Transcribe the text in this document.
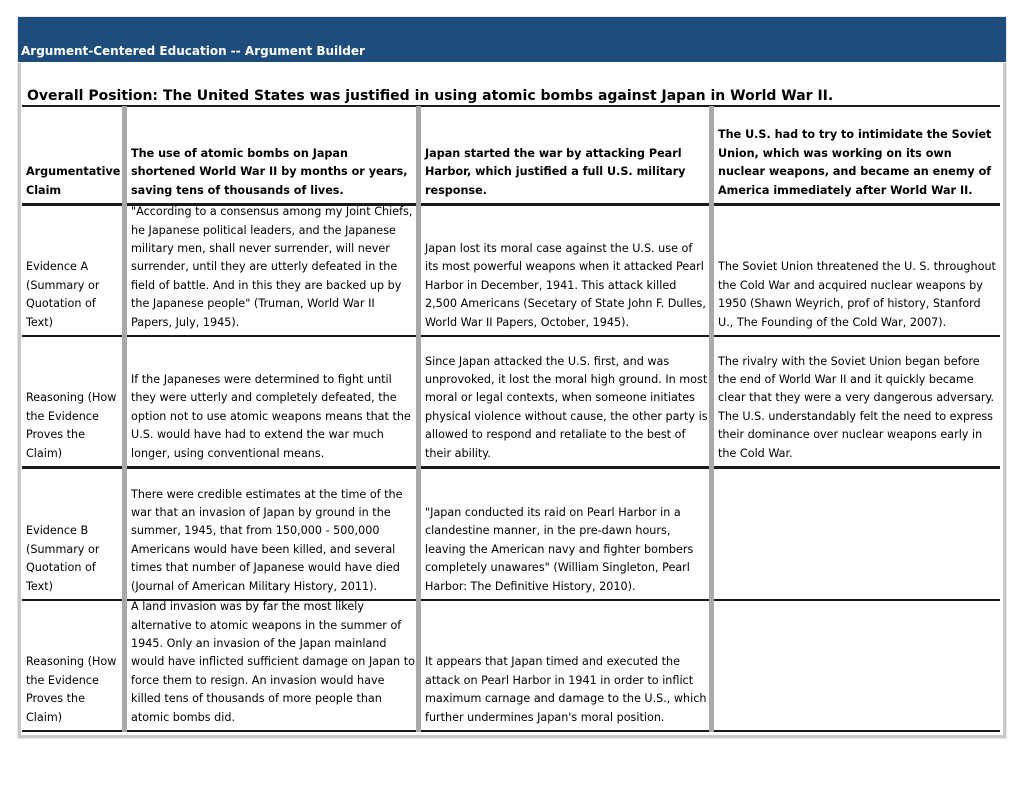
Argument-Centered Education -- Argument Builder
Overall Position: The United States was justified in using atomic bombs against Japan in World War II.
Argumentative Claim
The use of atomic bombs on Japan shortened World War II by months or years, saving tens of thousands of lives.
Japan started the war by attacking Pearl Harbor, which justified a full U.S. military response.
The U.S. had to try to intimidate the Soviet Union, which was working on its own nuclear weapons, and became an enemy of America immediately after World War II.
Evidence A (Summary or Quotation of Text)
"According to a consensus among my Joint Chiefs, he Japanese political leaders, and the Japanese military men, shall never surrender, will never surrender, until they are utterly defeated in the field of battle. And in this they are backed up by the Japanese people" (Truman, World War II Papers, July, 1945).
Japan lost its moral case against the U.S. use of its most powerful weapons when it attacked Pearl Harbor in December, 1941. This attack killed 2,500 Americans (Secetary of State John F. Dulles, World War II Papers, October, 1945).
The Soviet Union threatened the U. S. throughout the Cold War and acquired nuclear weapons by 1950 (Shawn Weyrich, prof of history, Stanford U., The Founding of the Cold War, 2007).
Reasoning (How the Evidence Proves the Claim)
If the Japaneses were determined to fight until they were utterly and completely defeated, the option not to use atomic weapons means that the U.S. would have had to extend the war much longer, using conventional means.
Since Japan attacked the U.S. first, and was unprovoked, it lost the moral high ground. In most moral or legal contexts, when someone initiates physical violence without cause, the other party is allowed to respond and retaliate to the best of their ability.
The rivalry with the Soviet Union began before the end of World War II and it quickly became clear that they were a very dangerous adversary. The U.S. understandably felt the need to express their dominance over nuclear weapons early in the Cold War.
Evidence B (Summary or Quotation of Text)
There were credible estimates at the time of the war that an invasion of Japan by ground in the summer, 1945, that from 150,000 - 500,000 Americans would have been killed, and several times that number of Japanese would have died (Journal of American Military History, 2011).
"Japan conducted its raid on Pearl Harbor in a clandestine manner, in the pre-dawn hours, leaving the American navy and fighter bombers completely unawares" (William Singleton, Pearl Harbor: The Definitive History, 2010).
Reasoning (How the Evidence Proves the Claim)
A land invasion was by far the most likely alternative to atomic weapons in the summer of 1945. Only an invasion of the Japan mainland would have inflicted sufficient damage on Japan to force them to resign. An invasion would have killed tens of thousands of more people than atomic bombs did.
It appears that Japan timed and executed the attack on Pearl Harbor in 1941 in order to inflict maximum carnage and damage to the U.S., which further undermines Japan's moral position.
